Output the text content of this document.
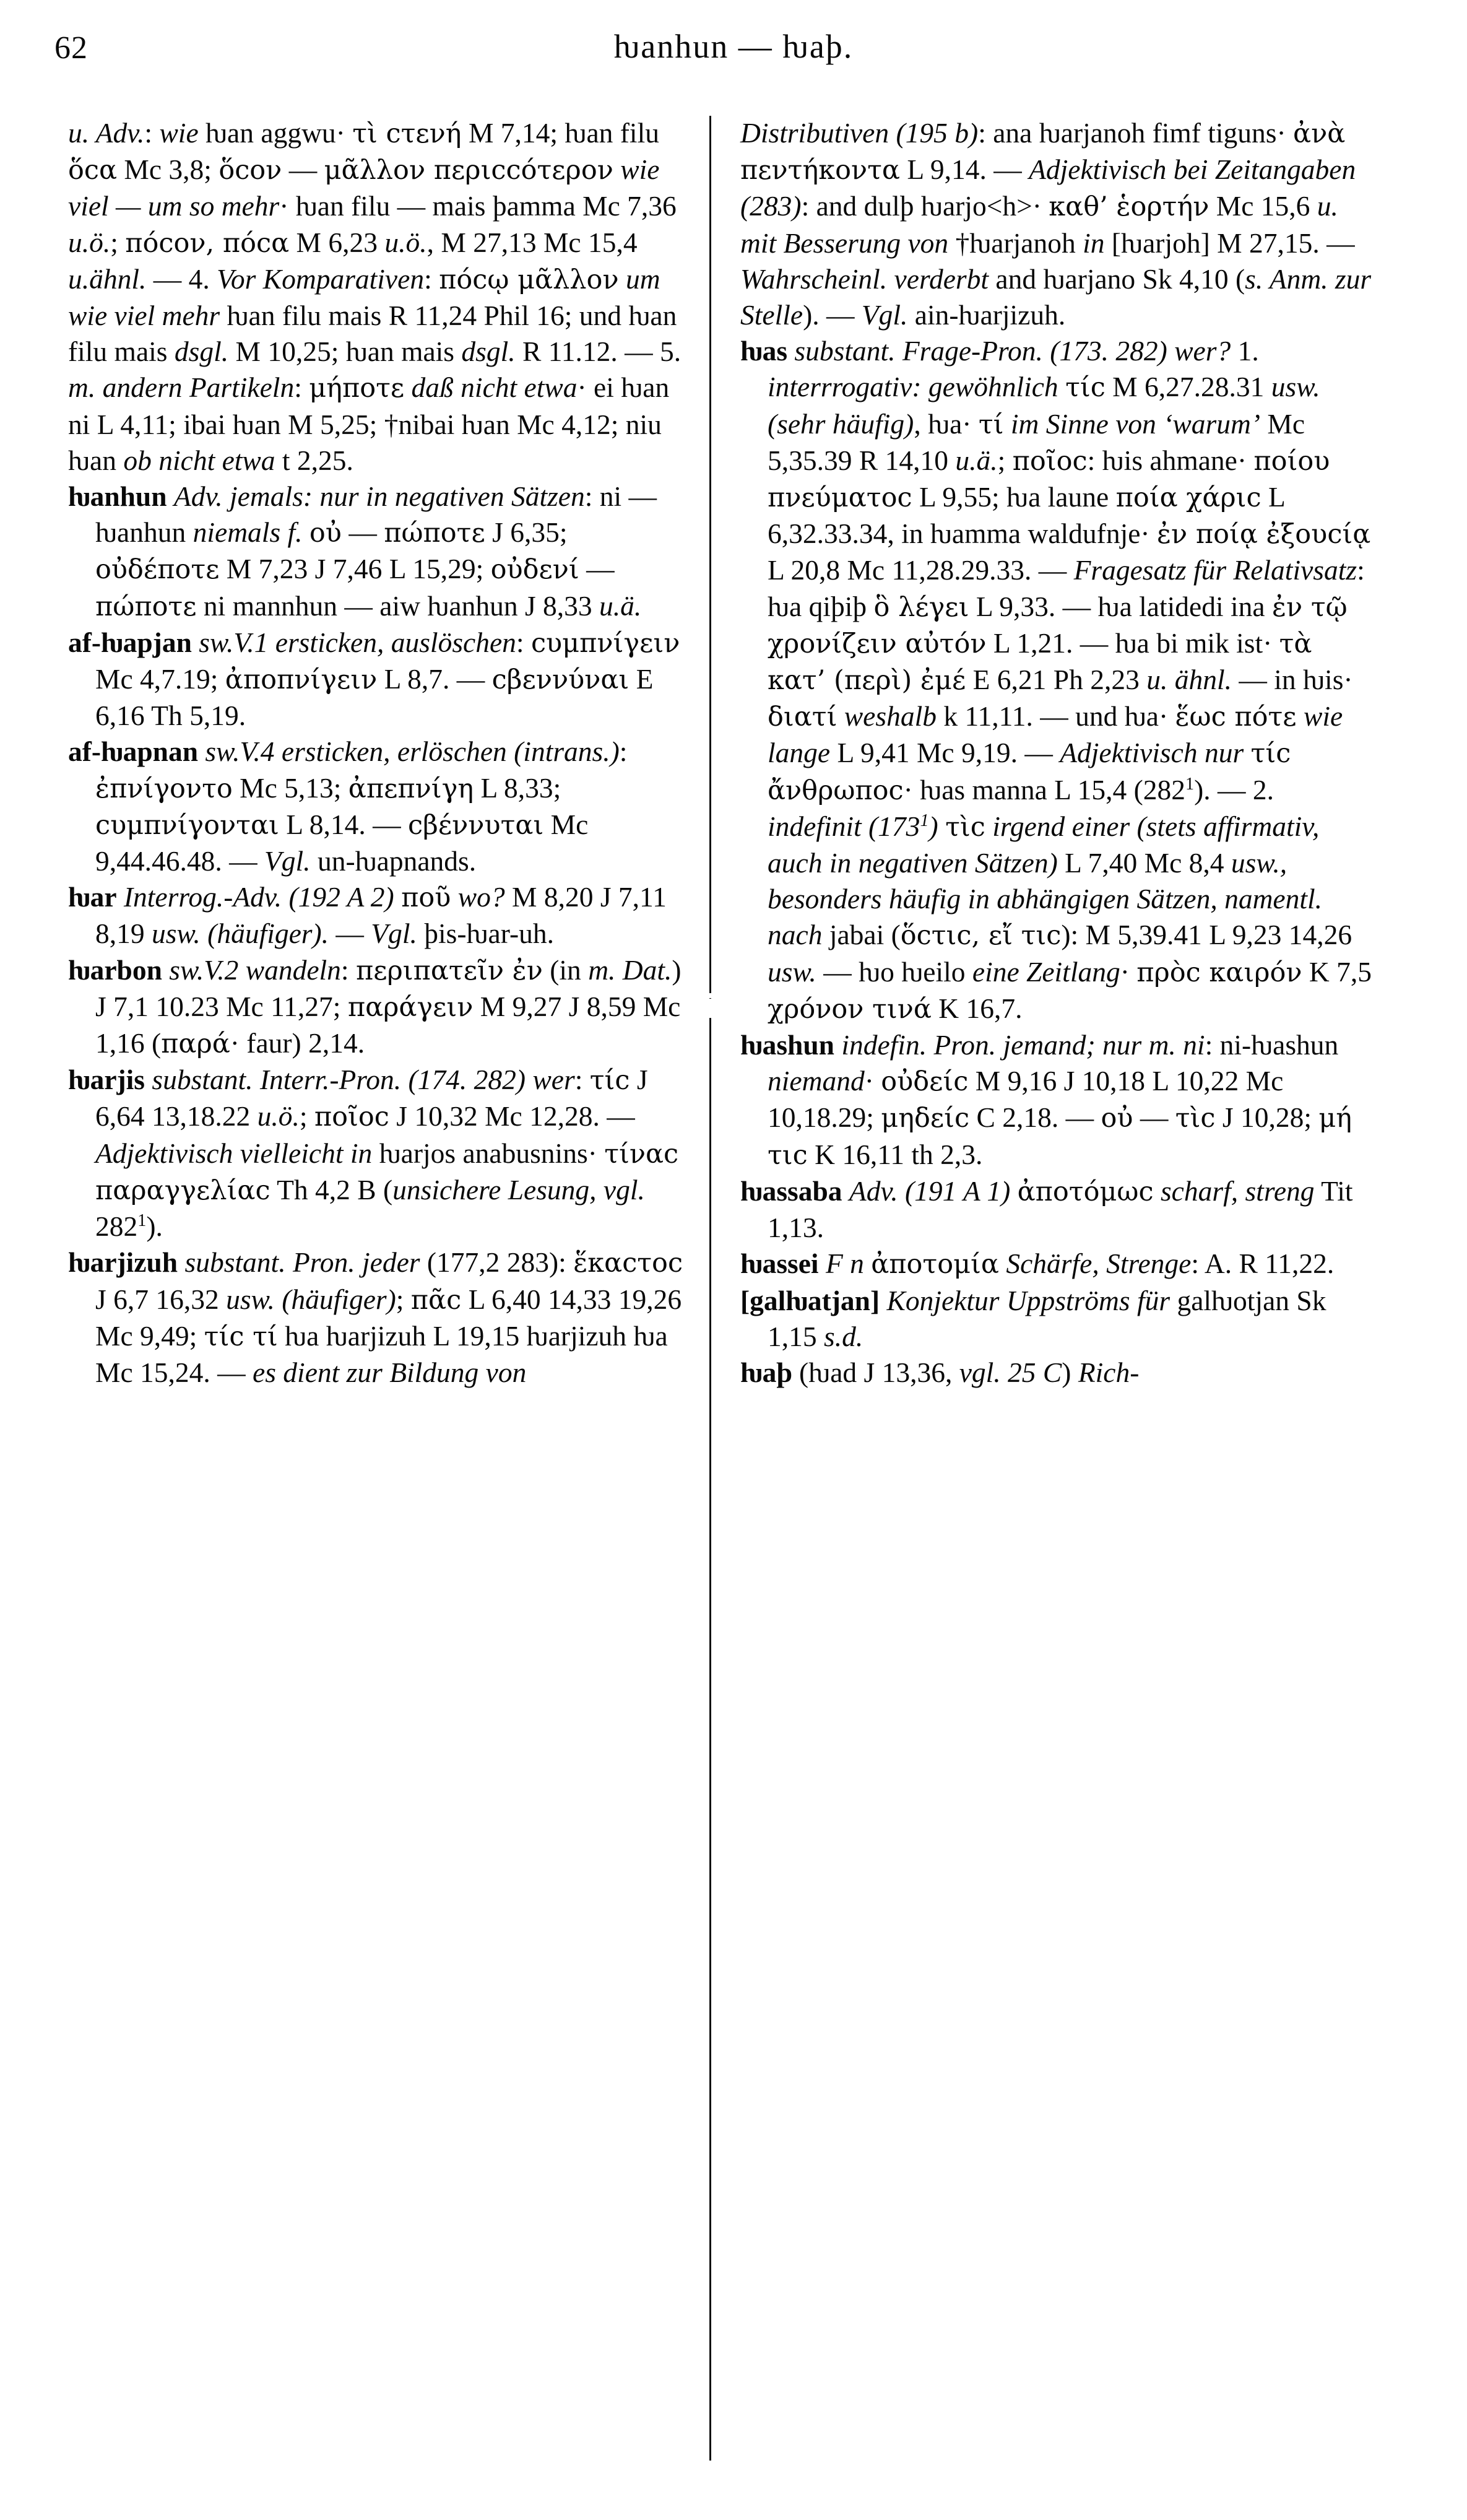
62	ƕanhun — ƕaþ.

u. Adv.: wie ƕan aggwu· τὶ cτενή M 7,14; ƕan filu ὅcα Mc 3,8; ὅcον — μᾶλλον περιccότερον wie viel — um so mehr· ƕan filu — mais þamma Mc 7,36 u.ö.; πόcον, πόcα M 6,23 u.ö., M 27,13 Mc 15,4 u.ähnl. — 4. Vor Komparativen: πόcῳ μᾶλλον um wie viel mehr ƕan filu mais R 11,24 Phil 16; und ƕan filu mais dsgl. M 10,25; ƕan mais dsgl. R 11.12. — 5. m. andern Partikeln: μήποτε daß nicht etwa· ei ƕan ni L 4,11; ibai ƕan M 5,25; †nibai ƕan Mc 4,12; niu ƕan ob nicht etwa t 2,25.

ƕanhun Adv. jemals: nur in negativen Sätzen: ni — ƕanhun niemals f. οὐ — πώποτε J 6,35; οὐδέποτε M 7,23 J 7,46 L 15,29; οὐδενί — πώποτε ni mannhun — aiw ƕanhun J 8,33 u.ä.

af-ƕapjan sw.V.1 ersticken, auslöschen: cυμπνίγειν Mc 4,7.19; ἀποπνίγειν L 8,7. — cβεννύναι E 6,16 Th 5,19.

af-ƕapnan sw.V.4 ersticken, erlöschen (intrans.): ἐπνίγοντο Mc 5,13; ἀπεπνίγη L 8,33; cυμπνίγονται L 8,14. — cβέννυται Mc 9,44.46.48. — Vgl. un-ƕapnands.

ƕar Interrog.-Adv. (192 A 2) ποῦ wo? M 8,20 J 7,11 8,19 usw. (häufiger). — Vgl. þis-ƕar-uh.

ƕarbon sw.V.2 wandeln: περιπατεῖν ἐν (in m. Dat.) J 7,1 10.23 Mc 11,27; παράγειν M 9,27 J 8,59 Mc 1,16 (παρά· faur) 2,14.

ƕarjis substant. Interr.-Pron. (174. 282) wer: τίc J 6,64 13,18.22 u.ö.; ποῖοc J 10,32 Mc 12,28. — Adjektivisch vielleicht in ƕarjos anabusnins· τίναc παραγγελίαc Th 4,2 B (unsichere Lesung, vgl. $282^1$).

ƕarjizuh substant. Pron. jeder (177,2 283): ἕκαcτοc J 6,7 16,32 usw. (häufiger); πᾶc L 6,40 14,33 19,26 Mc 9,49; τίc τί ƕa ƕarjizuh L 19,15 ƕarjizuh ƕa Mc 15,24. — es dient zur Bildung von

Distributiven (195 b): ana ƕarjanoh fimf tiguns· ἀνὰ πεντήκοντα L 9,14. — Adjektivisch bei Zeitangaben (283): and dulþ ƕarjo<h>· καθ’ ἑορτήν Mc 15,6 u. mit Besserung von †ƕarjanoh in [ƕarjoh] M 27,15. — Wahrscheinl. verderbt and ƕarjano Sk 4,10 (s. Anm. zur Stelle). — Vgl. ain-ƕarjizuh.

ƕas substant. Frage-Pron. (173. 282) wer? 1. interrrogativ: gewöhnlich τίc M 6,27.28.31 usw. (sehr häufig), ƕa· τί im Sinne von ‘warum’ Mc 5,35.39 R 14,10 u.ä.; ποῖοc: ƕis ahmane· ποίου πνεύματοc L 9,55; ƕa laune ποία χάριc L 6,32.33.34, in ƕamma waldufnje· ἐν ποίᾳ ἐξουcίᾳ L 20,8 Mc 11,28.29.33. — Fragesatz für Relativsatz: ƕa qiþiþ ὃ λέγει L 9,33. — ƕa latidedi ina ἐν τῷ χρονίζειν αὐτόν L 1,21. — ƕa bi mik ist· τὰ κατ’ (περὶ) ἐμέ E 6,21 Ph 2,23 u. ähnl. — in ƕis· διατί weshalb k 11,11. — und ƕa· ἕωc πότε wie lange L 9,41 Mc 9,19. — Adjektivisch nur τίc ἄνθρωποc· ƕas manna L 15,4 $(282^1)$. — 2. indefinit $(173^1)$ τὶc irgend einer (stets affirmativ, auch in negativen Sätzen) L 7,40 Mc 8,4 usw., besonders häufig in abhängigen Sätzen, namentl. nach jabai (ὅcτιc, εἴ τιc): M 5,39.41 L 9,23 14,26 usw. — ƕo ƕeilo eine Zeitlang· πρὸc καιρόν K 7,5 χρόνον τινά K 16,7.

ƕashun indefin. Pron. jemand; nur m. ni: ni-ƕashun niemand· οὐδείc M 9,16 J 10,18 L 10,22 Mc 10,18.29; μηδείc C 2,18. — οὐ — τὶc J 10,28; μή τιc K 16,11 th 2,3.

ƕassaba Adv. (191 A 1) ἀποτόμωc scharf, streng Tit 1,13.

ƕassei F n ἀποτομία Schärfe, Strenge: A. R 11,22.

[galƕatjan] Konjektur Uppströms für galƕotjan Sk 1,15 s.d.

ƕaþ (ƕad J 13,36, vgl. 25 C) Rich-
